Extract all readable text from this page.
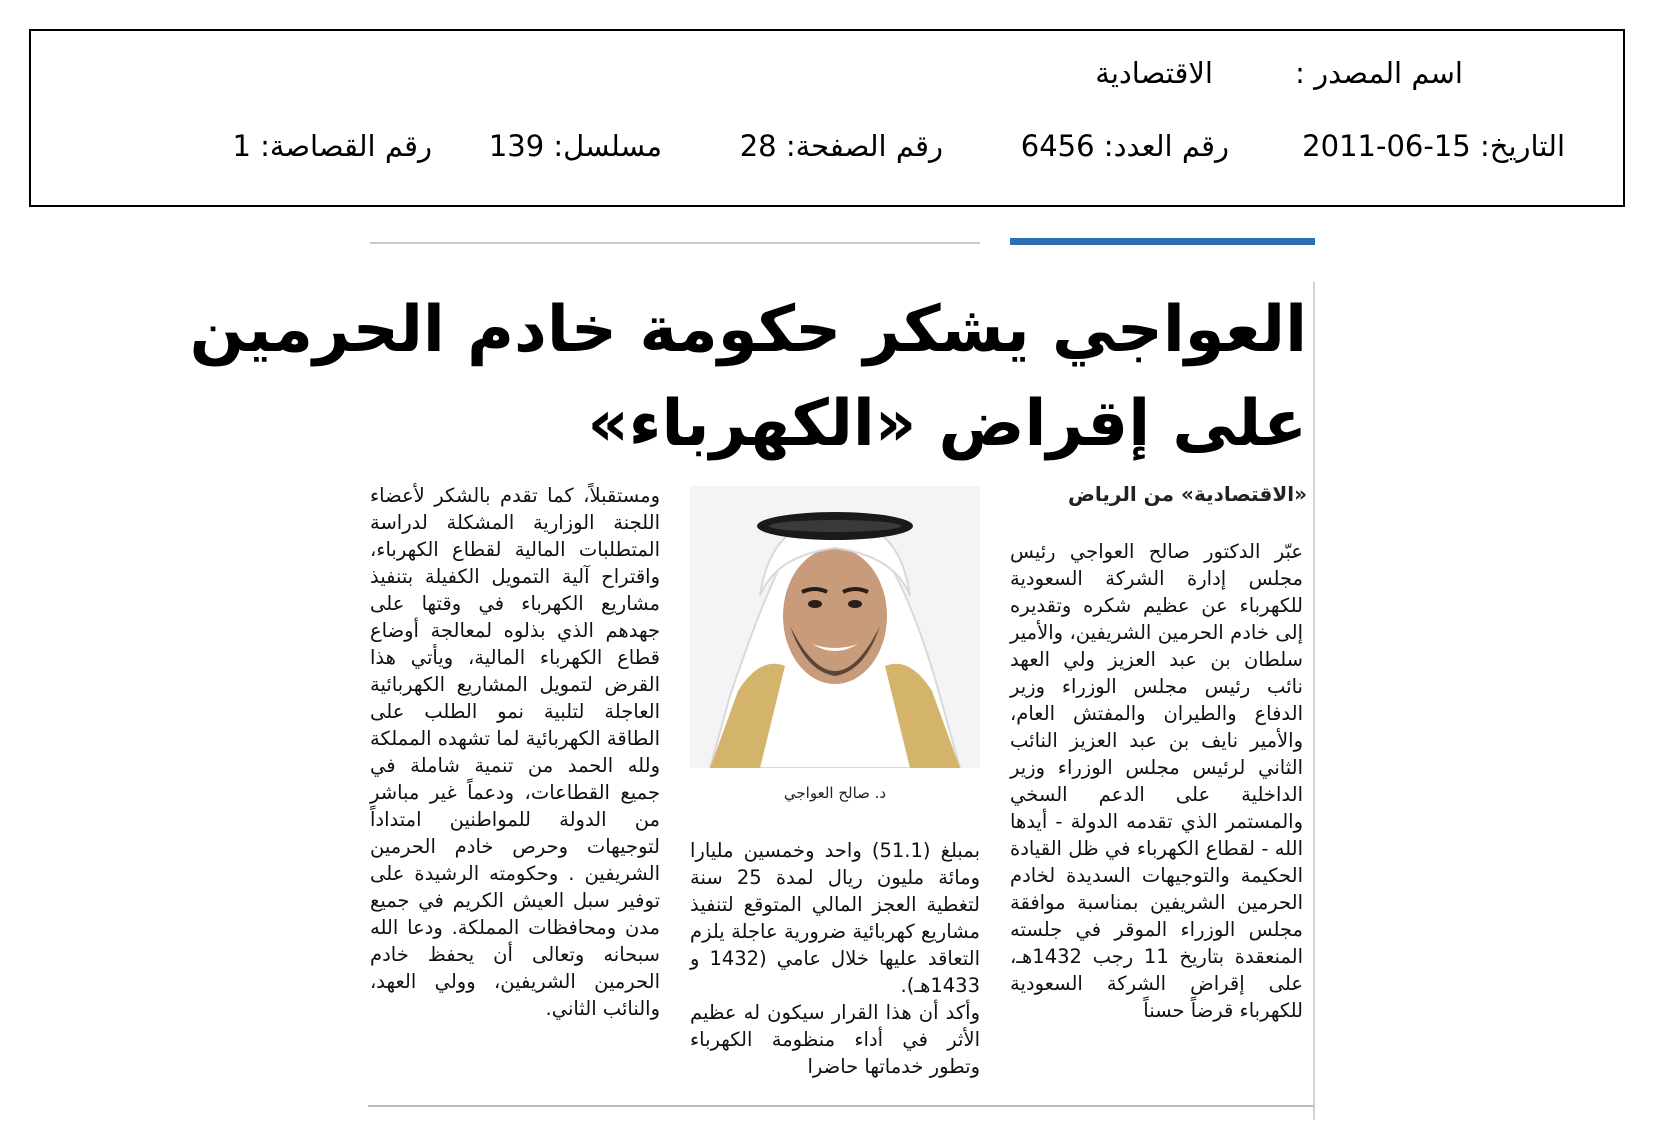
اسم المصدر :
الاقتصادية
التاريخ: 15-06-2011
رقم العدد: 6456
رقم الصفحة: 28
مسلسل: 139
رقم القصاصة: 1
العواجي يشكر حكومة خادم الحرمين
على إقراض «الكهرباء»
«الاقتصادية» من الرياض

عبّر الدكتور صالح العواجي رئيس مجلس إدارة الشركة السعودية للكهرباء عن عظيم شكره وتقديره إلى خادم الحرمين الشريفين، والأمير سلطان بن عبد العزيز ولي العهد نائب رئيس مجلس الوزراء وزير الدفاع والطيران والمفتش العام، والأمير نايف بن عبد العزيز النائب الثاني لرئيس مجلس الوزراء وزير الداخلية على الدعم السخي والمستمر الذي تقدمه الدولة - أيدها الله - لقطاع الكهرباء في ظل القيادة الحكيمة والتوجيهات السديدة لخادم الحرمين الشريفين بمناسبة موافقة مجلس الوزراء الموقر في جلسته المنعقدة بتاريخ 11 رجب 1432هـ، على إقراض الشركة السعودية للكهرباء قرضاً حسناً

د. صالح العواجي

بمبلغ (51.1) واحد وخمسين مليارا ومائة مليون ريال لمدة 25 سنة لتغطية العجز المالي المتوقع لتنفيذ مشاريع كهربائية ضرورية عاجلة يلزم التعاقد عليها خلال عامي (1432 و 1433هـ).

وأكد أن هذا القرار سيكون له عظيم الأثر في أداء منظومة الكهرباء وتطور خدماتها حاضرا

ومستقبلاً، كما تقدم بالشكر لأعضاء اللجنة الوزارية المشكلة لدراسة المتطلبات المالية لقطاع الكهرباء، واقتراح آلية التمويل الكفيلة بتنفيذ مشاريع الكهرباء في وقتها على جهدهم الذي بذلوه لمعالجة أوضاع قطاع الكهرباء المالية، ويأتي هذا القرض لتمويل المشاريع الكهربائية العاجلة لتلبية نمو الطلب على الطاقة الكهربائية لما تشهده المملكة ولله الحمد من تنمية شاملة في جميع القطاعات، ودعماً غير مباشر من الدولة للمواطنين امتداداً لتوجيهات وحرص خادم الحرمين الشريفين . وحكومته الرشيدة على توفير سبل العيش الكريم في جميع مدن ومحافظات المملكة. ودعا الله سبحانه وتعالى أن يحفظ خادم الحرمين الشريفين، وولي العهد، والنائب الثاني.
